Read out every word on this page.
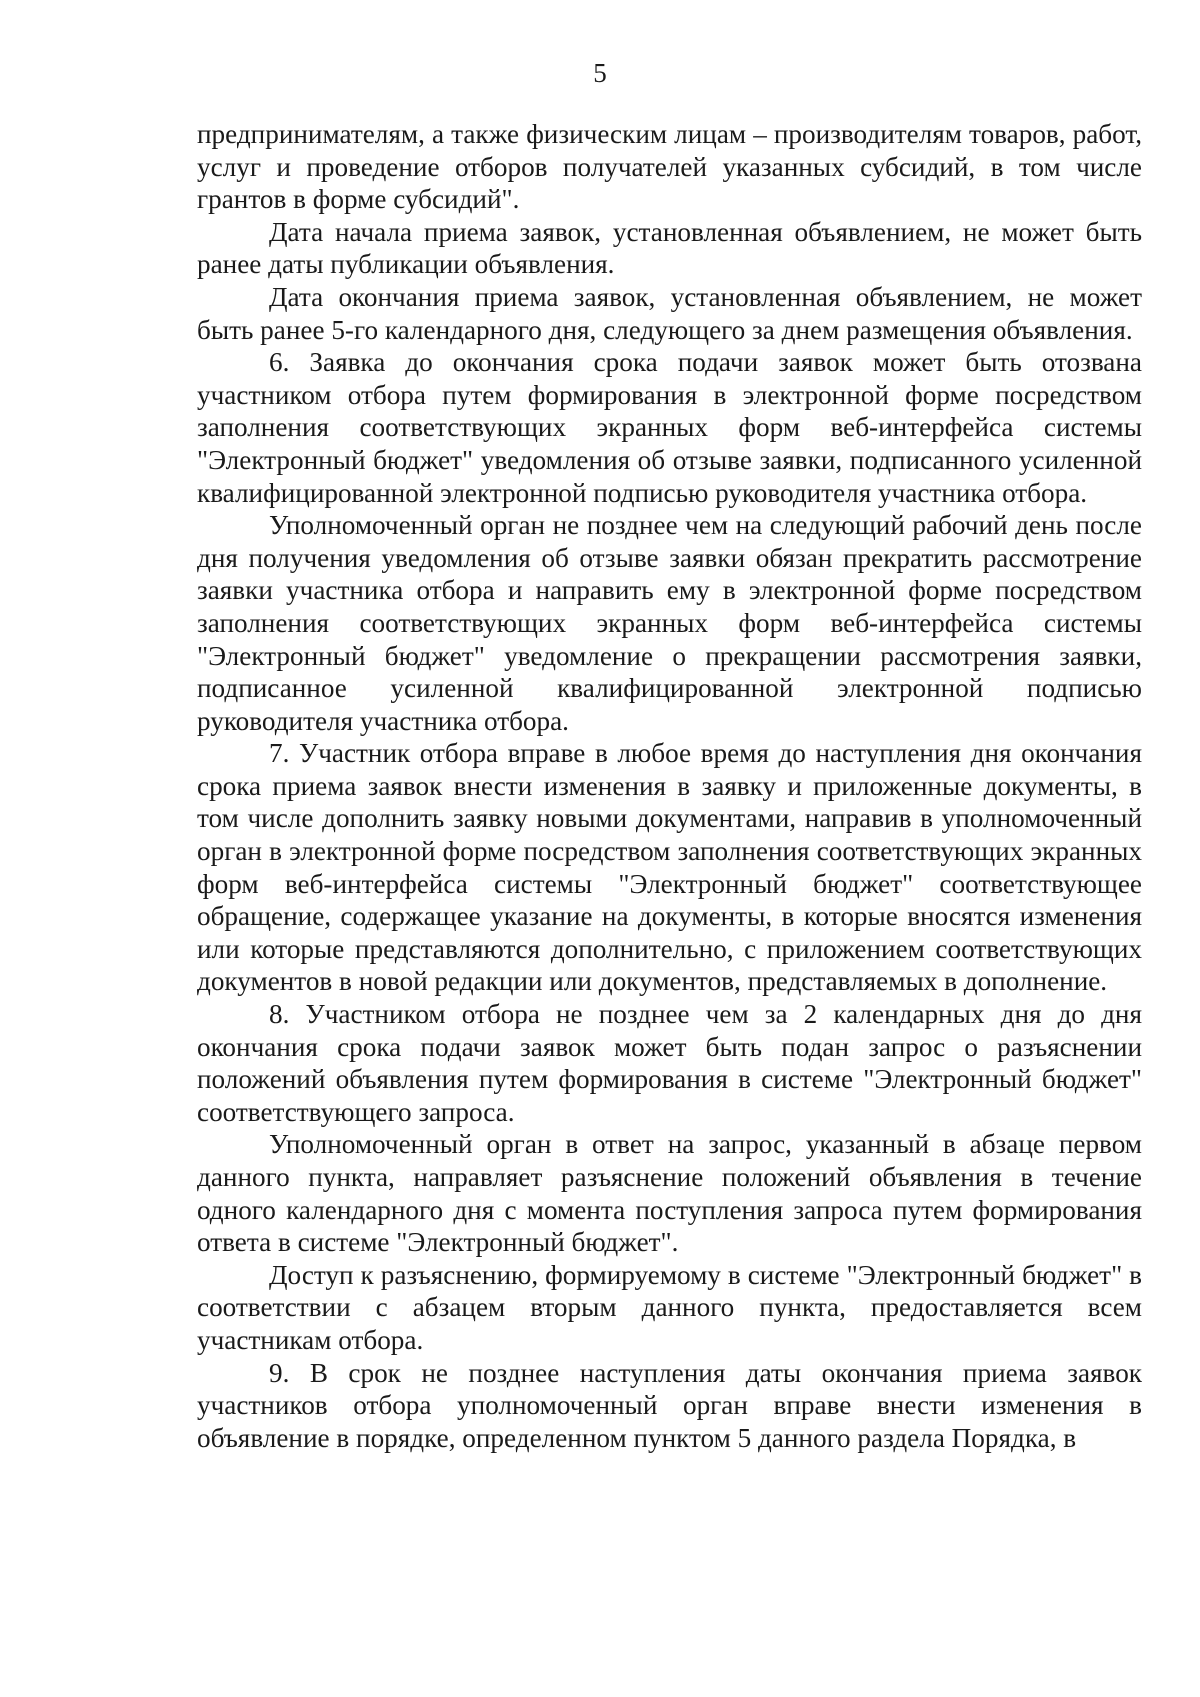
5

предпринимателям, а также физическим лицам – производителям товаров, работ, услуг и проведение отборов получателей указанных субсидий, в том числе грантов в форме субсидий".

Дата начала приема заявок, установленная объявлением, не может быть ранее даты публикации объявления.

Дата окончания приема заявок, установленная объявлением, не может быть ранее 5-го календарного дня, следующего за днем размещения объявления.

6. Заявка до окончания срока подачи заявок может быть отозвана участником отбора путем формирования в электронной форме посредством заполнения соответствующих экранных форм веб-интерфейса системы "Электронный бюджет" уведомления об отзыве заявки, подписанного усиленной квалифицированной электронной подписью руководителя участника отбора.

Уполномоченный орган не позднее чем на следующий рабочий день после дня получения уведомления об отзыве заявки обязан прекратить рассмотрение заявки участника отбора и направить ему в электронной форме посредством заполнения соответствующих экранных форм веб-интерфейса системы "Электронный бюджет" уведомление о прекращении рассмотрения заявки, подписанное усиленной квалифицированной электронной подписью руководителя участника отбора.

7. Участник отбора вправе в любое время до наступления дня окончания срока приема заявок внести изменения в заявку и приложенные документы, в том числе дополнить заявку новыми документами, направив в уполномоченный орган в электронной форме посредством заполнения соответствующих экранных форм веб-интерфейса системы "Электронный бюджет" соответствующее обращение, содержащее указание на документы, в которые вносятся изменения или которые представляются дополнительно, с приложением соответствующих документов в новой редакции или документов, представляемых в дополнение.

8. Участником отбора не позднее чем за 2 календарных дня до дня окончания срока подачи заявок может быть подан запрос о разъяснении положений объявления путем формирования в системе "Электронный бюджет" соответствующего запроса.

Уполномоченный орган в ответ на запрос, указанный в абзаце первом данного пункта, направляет разъяснение положений объявления в течение одного календарного дня с момента поступления запроса путем формирования ответа в системе "Электронный бюджет".

Доступ к разъяснению, формируемому в системе "Электронный бюджет" в соответствии с абзацем вторым данного пункта, предоставляется всем участникам отбора.

9. В срок не позднее наступления даты окончания приема заявок участников отбора уполномоченный орган вправе внести изменения в объявление в порядке, определенном пунктом 5 данного раздела Порядка, в
